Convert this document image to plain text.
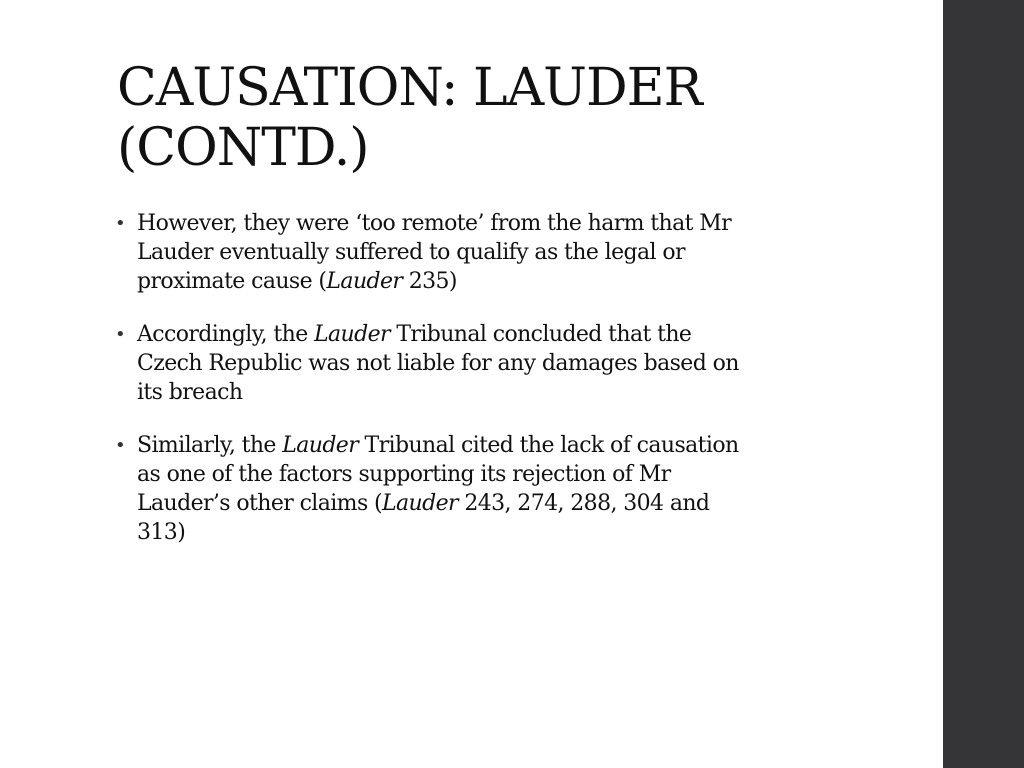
CAUSATION: LAUDER
(CONTD.)
• However, they were ‘too remote’ from the harm that Mr
Lauder eventually suffered to qualify as the legal or
proximate cause (Lauder 235)
• Accordingly, the Lauder Tribunal concluded that the
Czech Republic was not liable for any damages based on
its breach
• Similarly, the Lauder Tribunal cited the lack of causation
as one of the factors supporting its rejection of Mr
Lauder’s other claims (Lauder 243, 274, 288, 304 and
313)
